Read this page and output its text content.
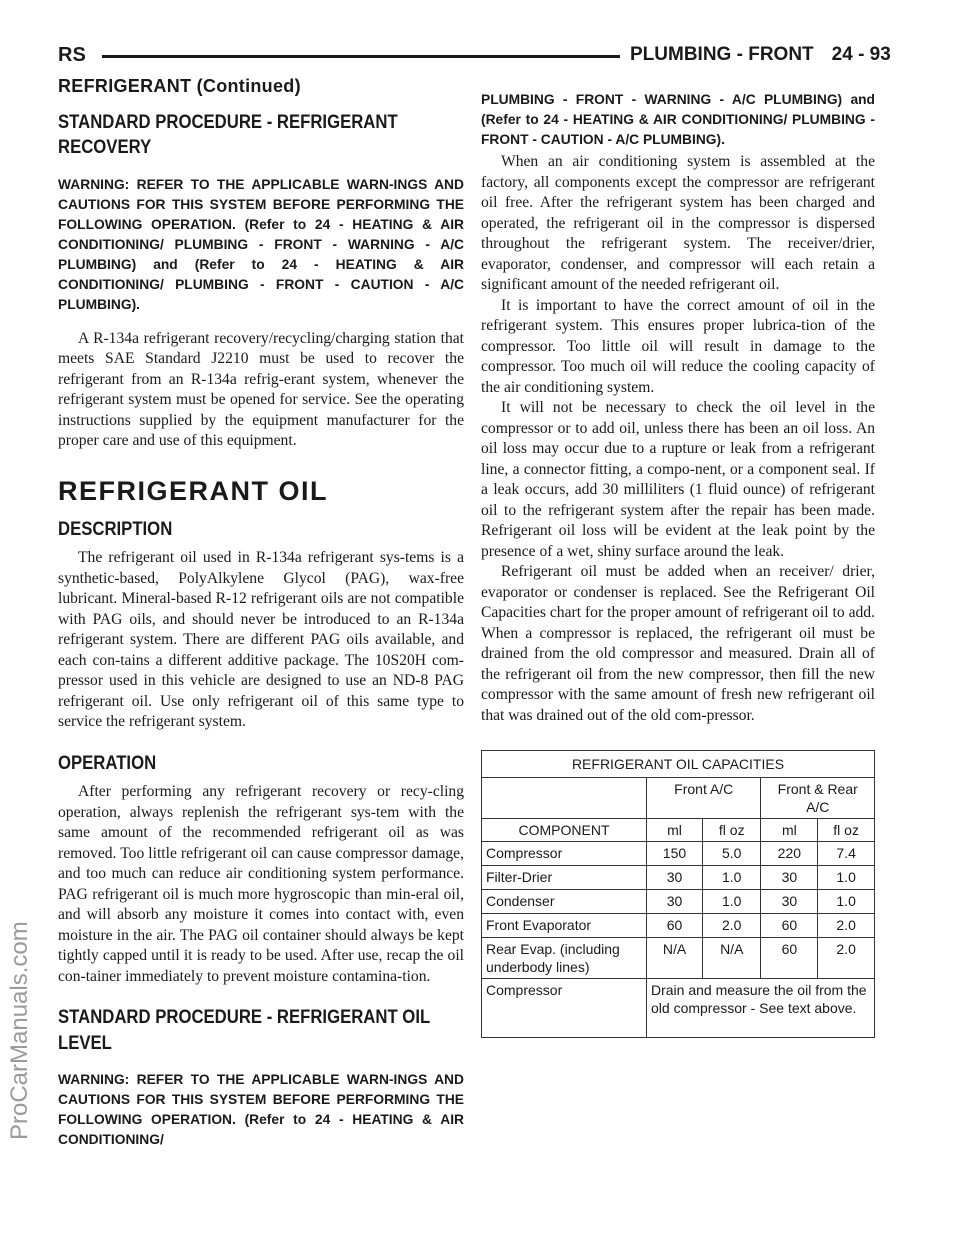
RS	PLUMBING - FRONT 24 - 93
REFRIGERANT (Continued)
ProCarManuals.com
STANDARD PROCEDURE - REFRIGERANT RECOVERY
WARNING: REFER TO THE APPLICABLE WARN-INGS AND CAUTIONS FOR THIS SYSTEM BEFORE PERFORMING THE FOLLOWING OPERATION. (Refer to 24 - HEATING & AIR CONDITIONING/ PLUMBING - FRONT - WARNING - A/C PLUMBING) and (Refer to 24 - HEATING & AIR CONDITIONING/ PLUMBING - FRONT - CAUTION - A/C PLUMBING).

A R-134a refrigerant recovery/recycling/charging station that meets SAE Standard J2210 must be used to recover the refrigerant from an R-134a refrig-erant system, whenever the refrigerant system must be opened for service. See the operating instructions supplied by the equipment manufacturer for the proper care and use of this equipment.

REFRIGERANT OIL
DESCRIPTION

The refrigerant oil used in R-134a refrigerant sys-tems is a synthetic-based, PolyAlkylene Glycol (PAG), wax-free lubricant. Mineral-based R-12 refrigerant oils are not compatible with PAG oils, and should never be introduced to an R-134a refrigerant system. There are different PAG oils available, and each con-tains a different additive package. The 10S20H com-pressor used in this vehicle are designed to use an ND-8 PAG refrigerant oil. Use only refrigerant oil of this same type to service the refrigerant system.

OPERATION

After performing any refrigerant recovery or recy-cling operation, always replenish the refrigerant sys-tem with the same amount of the recommended refrigerant oil as was removed. Too little refrigerant oil can cause compressor damage, and too much can reduce air conditioning system performance. PAG refrigerant oil is much more hygroscopic than min-eral oil, and will absorb any moisture it comes into contact with, even moisture in the air. The PAG oil container should always be kept tightly capped until it is ready to be used. After use, recap the oil con-tainer immediately to prevent moisture contamina-tion.

STANDARD PROCEDURE - REFRIGERANT OIL LEVEL
WARNING: REFER TO THE APPLICABLE WARN-INGS AND CAUTIONS FOR THIS SYSTEM BEFORE PERFORMING THE FOLLOWING OPERATION. (Refer to 24 - HEATING & AIR CONDITIONING/
PLUMBING - FRONT - WARNING - A/C PLUMBING) and (Refer to 24 - HEATING & AIR CONDITIONING/ PLUMBING - FRONT - CAUTION - A/C PLUMBING).

When an air conditioning system is assembled at the factory, all components except the compressor are refrigerant oil free. After the refrigerant system has been charged and operated, the refrigerant oil in the compressor is dispersed throughout the refrigerant system. The receiver/drier, evaporator, condenser, and compressor will each retain a significant amount of the needed refrigerant oil.

It is important to have the correct amount of oil in the refrigerant system. This ensures proper lubrica-tion of the compressor. Too little oil will result in damage to the compressor. Too much oil will reduce the cooling capacity of the air conditioning system.

It will not be necessary to check the oil level in the compressor or to add oil, unless there has been an oil loss. An oil loss may occur due to a rupture or leak from a refrigerant line, a connector fitting, a compo-nent, or a component seal. If a leak occurs, add 30 milliliters (1 fluid ounce) of refrigerant oil to the refrigerant system after the repair has been made. Refrigerant oil loss will be evident at the leak point by the presence of a wet, shiny surface around the leak.

Refrigerant oil must be added when an receiver/ drier, evaporator or condenser is replaced. See the Refrigerant Oil Capacities chart for the proper amount of refrigerant oil to add. When a compressor is replaced, the refrigerant oil must be drained from the old compressor and measured. Drain all of the refrigerant oil from the new compressor, then fill the new compressor with the same amount of fresh new refrigerant oil that was drained out of the old com-pressor.

REFRIGERANT OIL CAPACITIES				
	Front A/C		Front & Rear A/C	
COMPONENT	ml	fl oz	ml	fl oz
Compressor	150	5.0	220	7.4
Filter-Drier	30	1.0	30	1.0
Condenser	30	1.0	30	1.0
Front Evaporator	60	2.0	60	2.0
Rear Evap. (including underbody lines)	N/A	N/A	60	2.0
Compressor	Drain and measure the oil from the old compressor - See text above.			
